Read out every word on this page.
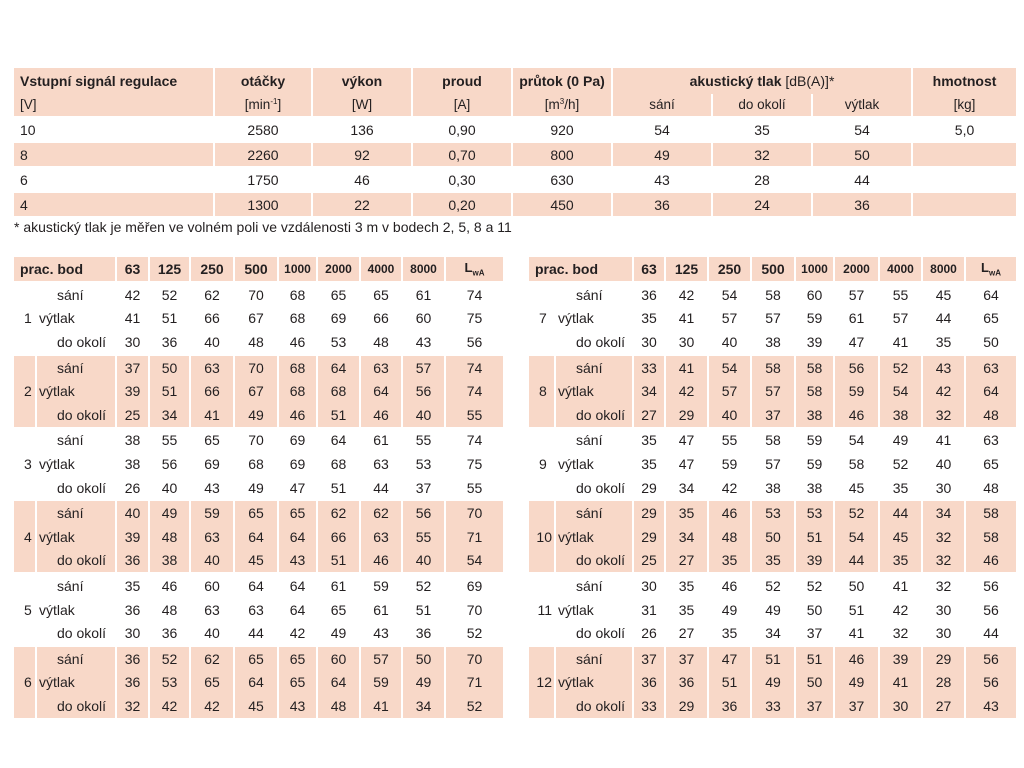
Vstupní signál regulace	otáčky	výkon	proud	průtok (0 Pa)	akustický tlak [dB(A)]*			hmotnost
[V]	$[\min^{-1}]$	[W]	[A]	$[m^3/h]$	sání	do okolí	výtlak	[kg]
10	2580	136	0,90	920	54	35	54	5,0
8	2260	92	0,70	800	49	32	50	
6	1750	46	0,30	630	43	28	44	
4	1300	22	0,20	450	36	24	36	
* akustický tlak je měřen ve volném poli ve vzdálenosti 3 m v bodech 2, 5, 8 a 11
prac. bod		63	125	250	500	1000	2000	4000	8000	$L_{wA}$
	sání	42	52	62	70	68	65	65	61	74
1	výtlak	41	51	66	67	68	69	66	60	75
	do okolí	30	36	40	48	46	53	48	43	56
	sání	37	50	63	70	68	64	63	57	74
2	výtlak	39	51	66	67	68	68	64	56	74
	do okolí	25	34	41	49	46	51	46	40	55
	sání	38	55	65	70	69	64	61	55	74
3	výtlak	38	56	69	68	69	68	63	53	75
	do okolí	26	40	43	49	47	51	44	37	55
	sání	40	49	59	65	65	62	62	56	70
4	výtlak	39	48	63	64	64	66	63	55	71
	do okolí	36	38	40	45	43	51	46	40	54
	sání	35	46	60	64	64	61	59	52	69
5	výtlak	36	48	63	63	64	65	61	51	70
	do okolí	30	36	40	44	42	49	43	36	52
	sání	36	52	62	65	65	60	57	50	70
6	výtlak	36	53	65	64	65	64	59	49	71
	do okolí	32	42	42	45	43	48	41	34	52
prac. bod		63	125	250	500	1000	2000	4000	8000	$L_{wA}$
	sání	36	42	54	58	60	57	55	45	64
7	výtlak	35	41	57	57	59	61	57	44	65
	do okolí	30	30	40	38	39	47	41	35	50
	sání	33	41	54	58	58	56	52	43	63
8	výtlak	34	42	57	57	58	59	54	42	64
	do okolí	27	29	40	37	38	46	38	32	48
	sání	35	47	55	58	59	54	49	41	63
9	výtlak	35	47	59	57	59	58	52	40	65
	do okolí	29	34	42	38	38	45	35	30	48
	sání	29	35	46	53	53	52	44	34	58
10	výtlak	29	34	48	50	51	54	45	32	58
	do okolí	25	27	35	35	39	44	35	32	46
	sání	30	35	46	52	52	50	41	32	56
11	výtlak	31	35	49	49	50	51	42	30	56
	do okolí	26	27	35	34	37	41	32	30	44
	sání	37	37	47	51	51	46	39	29	56
12	výtlak	36	36	51	49	50	49	41	28	56
	do okolí	33	29	36	33	37	37	30	27	43
